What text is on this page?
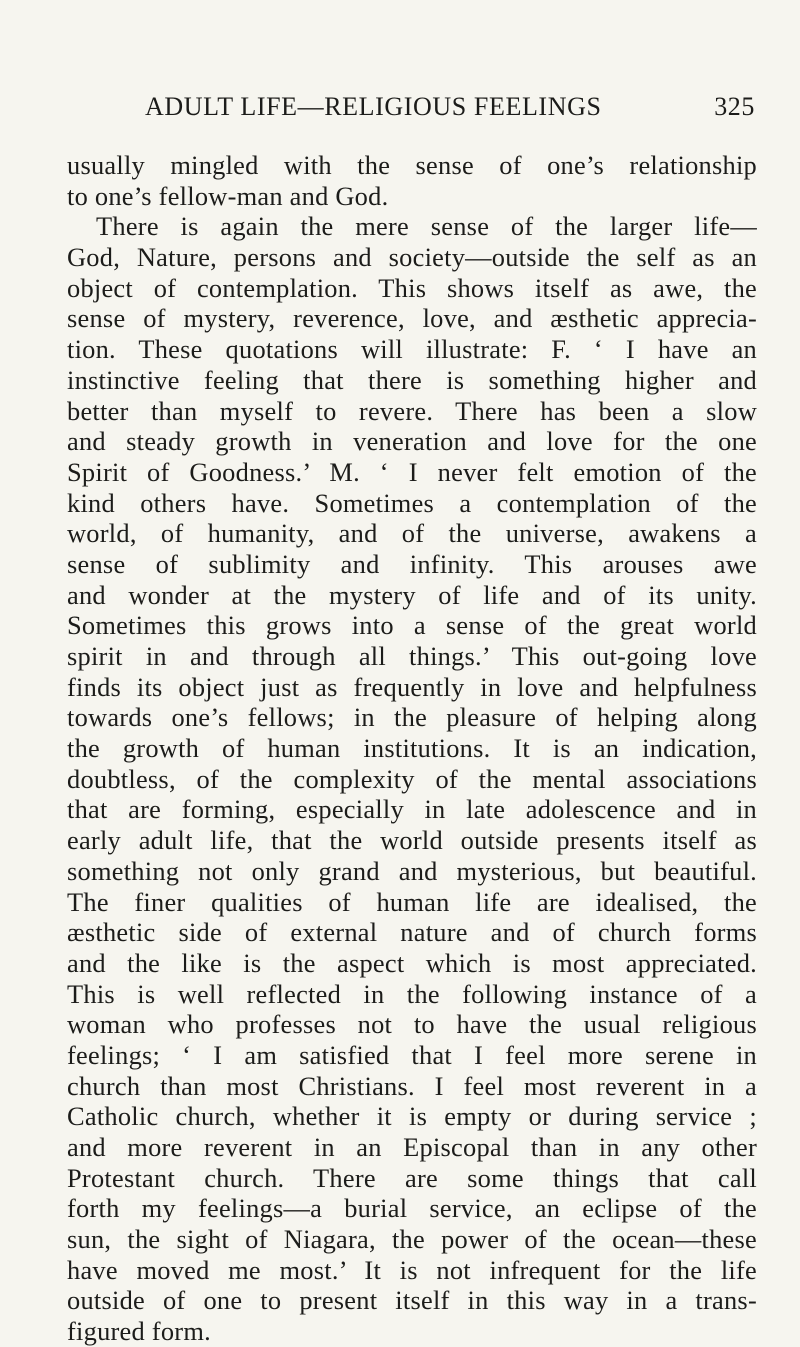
ADULT LIFE—RELIGIOUS FEELINGS	325
usually mingled with the sense of one’s relationship
to one’s fellow-man and God.
There is again the mere sense of the larger life—
God, Nature, persons and society—outside the self as an
object of contemplation. This shows itself as awe, the
sense of mystery, reverence, love, and æsthetic apprecia-
tion. These quotations will illustrate: F. ‘ I have an
instinctive feeling that there is something higher and
better than myself to revere. There has been a slow
and steady growth in veneration and love for the one
Spirit of Goodness.’ M. ‘ I never felt emotion of the
kind others have. Sometimes a contemplation of the
world, of humanity, and of the universe, awakens a
sense of sublimity and infinity. This arouses awe
and wonder at the mystery of life and of its unity.
Sometimes this grows into a sense of the great world
spirit in and through all things.’ This out-going love
finds its object just as frequently in love and helpfulness
towards one’s fellows; in the pleasure of helping along
the growth of human institutions. It is an indication,
doubtless, of the complexity of the mental associations
that are forming, especially in late adolescence and in
early adult life, that the world outside presents itself as
something not only grand and mysterious, but beautiful.
The finer qualities of human life are idealised, the
æsthetic side of external nature and of church forms
and the like is the aspect which is most appreciated.
This is well reflected in the following instance of a
woman who professes not to have the usual religious
feelings; ‘ I am satisfied that I feel more serene in
church than most Christians. I feel most reverent in a
Catholic church, whether it is empty or during service ;
and more reverent in an Episcopal than in any other
Protestant church. There are some things that call
forth my feelings—a burial service, an eclipse of the
sun, the sight of Niagara, the power of the ocean—these
have moved me most.’ It is not infrequent for the life
outside of one to present itself in this way in a trans-
figured form.
